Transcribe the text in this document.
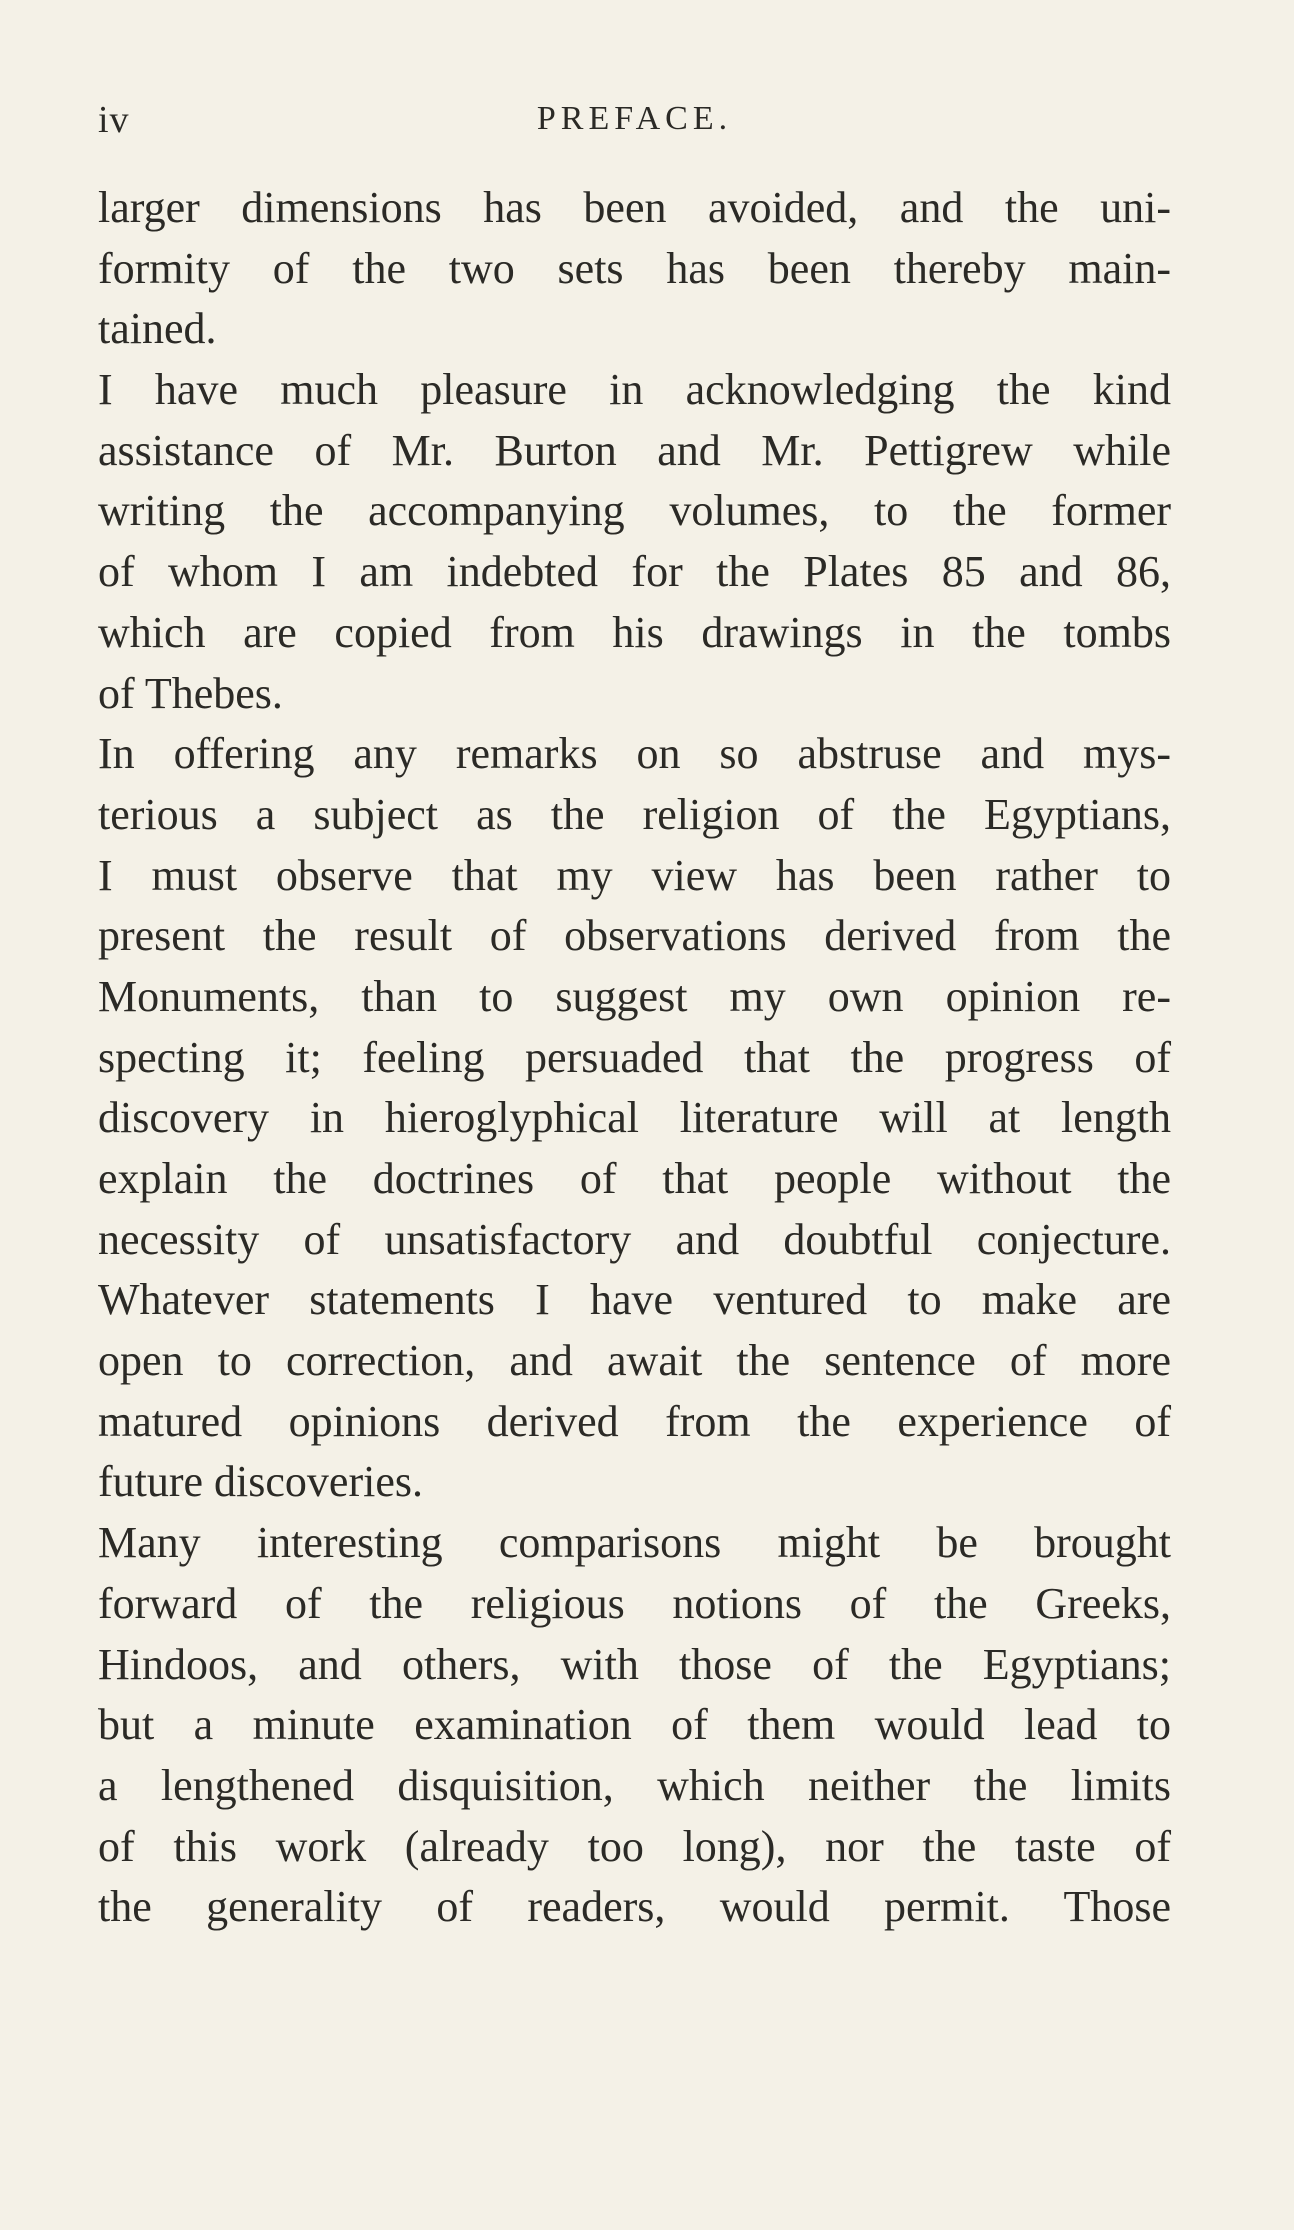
iv	PREFACE.
larger dimensions has been avoided, and the uni-
formity of the two sets has been thereby main-
tained.
I have much pleasure in acknowledging the kind
assistance of Mr. Burton and Mr. Pettigrew while
writing the accompanying volumes, to the former
of whom I am indebted for the Plates 85 and 86,
which are copied from his drawings in the tombs
of Thebes.
In offering any remarks on so abstruse and mys-
terious a subject as the religion of the Egyptians,
I must observe that my view has been rather to
present the result of observations derived from the
Monuments, than to suggest my own opinion re-
specting it; feeling persuaded that the progress of
discovery in hieroglyphical literature will at length
explain the doctrines of that people without the
necessity of unsatisfactory and doubtful conjecture.
Whatever statements I have ventured to make are
open to correction, and await the sentence of more
matured opinions derived from the experience of
future discoveries.
Many interesting comparisons might be brought
forward of the religious notions of the Greeks,
Hindoos, and others, with those of the Egyptians;
but a minute examination of them would lead to
a lengthened disquisition, which neither the limits
of this work (already too long), nor the taste of
the generality of readers, would permit. Those
